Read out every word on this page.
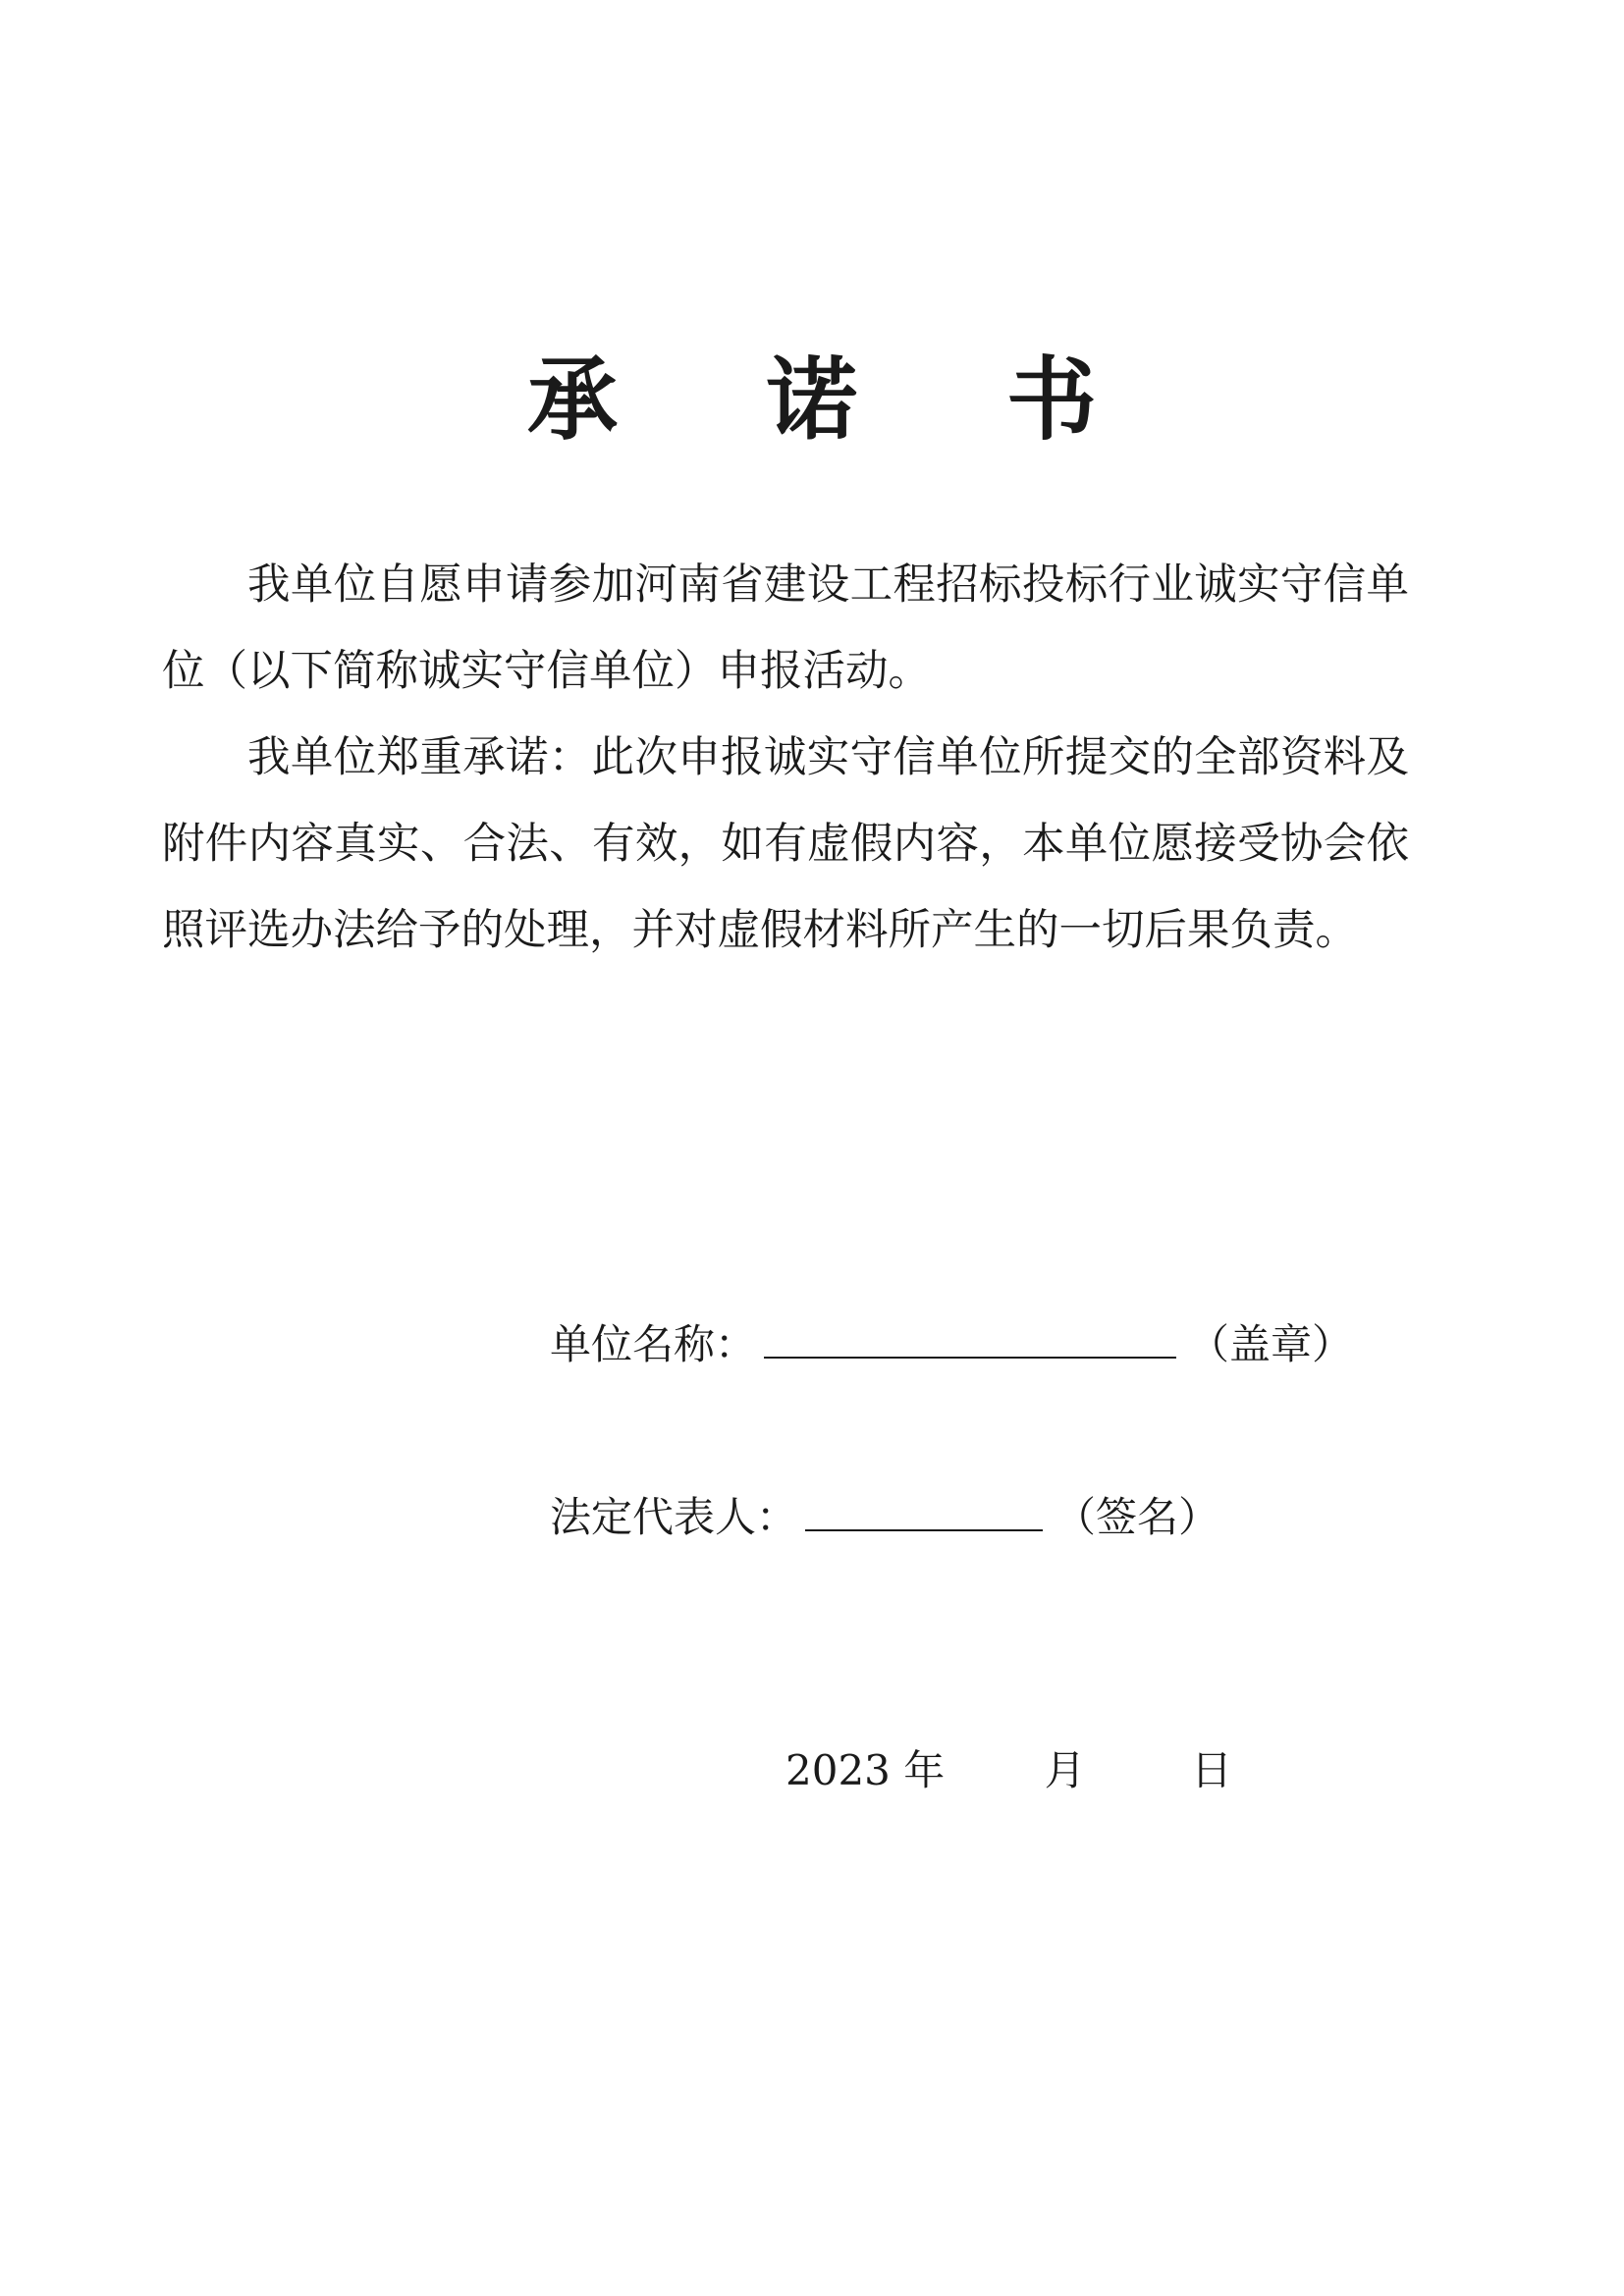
承 诺 书

我单位自愿申请参加河南省建设工程招标投标行业诚实守信单位（以下简称诚实守信单位）申报活动。

我单位郑重承诺：此次申报诚实守信单位所提交的全部资料及附件内容真实、合法、有效，如有虚假内容，本单位愿接受协会依照评选办法给予的处理，并对虚假材料所产生的一切后果负责。

单位名称：	（盖章）
法定代表人：	（签名）
2023 年 月	日
